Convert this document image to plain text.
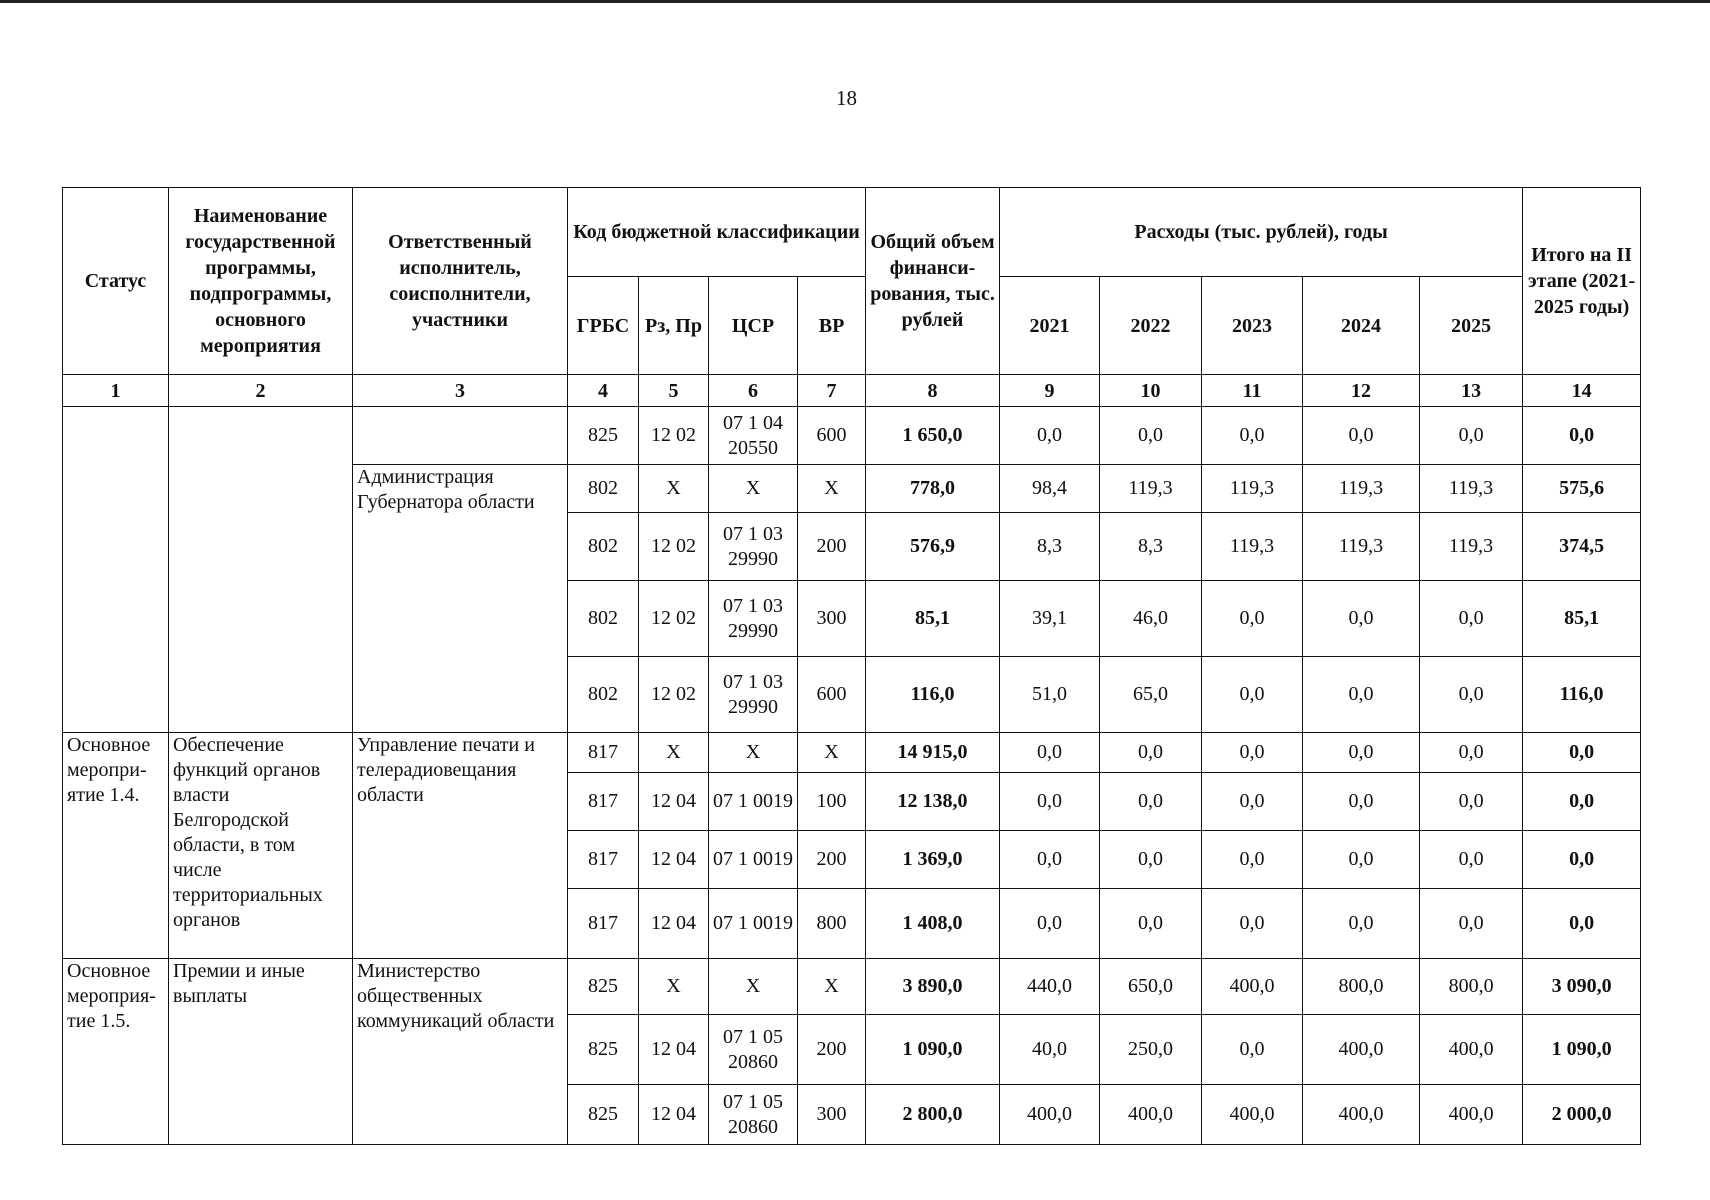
18
Статус	Наименование государственной программы, подпрограммы, основного мероприятия	Ответственный исполнитель, соисполнители, участники	Код бюджетной классификации				Общий объем финанси-рования, тыс. рублей	Расходы (тыс. рублей), годы					Итого на II этапе (2021-2025 годы)
			ГРБС	Рз, Пр	ЦСР	ВР		2021	2022	2023	2024	2025	
1	2	3	4	5	6	7	8	9	10	11	12	13	14
			825	12 02	07 1 04 20550	600	1 650,0	0,0	0,0	0,0	0,0	0,0	0,0
		Администрация Губернатора области	802	Х	Х	Х	778,0	98,4	119,3	119,3	119,3	119,3	575,6
			802	12 02	07 1 03 29990	200	576,9	8,3	8,3	119,3	119,3	119,3	374,5
			802	12 02	07 1 03 29990	300	85,1	39,1	46,0	0,0	0,0	0,0	85,1
			802	12 02	07 1 03 29990	600	116,0	51,0	65,0	0,0	0,0	0,0	116,0
Основное меропри-ятие 1.4.	Обеспечение функций органов власти Белгородской области, в том числе территориальных органов	Управление печати и телерадиовещания области	817	Х	Х	Х	14 915,0	0,0	0,0	0,0	0,0	0,0	0,0
			817	12 04	07 1 0019	100	12 138,0	0,0	0,0	0,0	0,0	0,0	0,0
			817	12 04	07 1 0019	200	1 369,0	0,0	0,0	0,0	0,0	0,0	0,0
			817	12 04	07 1 0019	800	1 408,0	0,0	0,0	0,0	0,0	0,0	0,0
Основное мероприя-тие 1.5.	Премии и иные выплаты	Министерство общественных коммуникаций области	825	Х	Х	Х	3 890,0	440,0	650,0	400,0	800,0	800,0	3 090,0
			825	12 04	07 1 05 20860	200	1 090,0	40,0	250,0	0,0	400,0	400,0	1 090,0
			825	12 04	07 1 05 20860	300	2 800,0	400,0	400,0	400,0	400,0	400,0	2 000,0
